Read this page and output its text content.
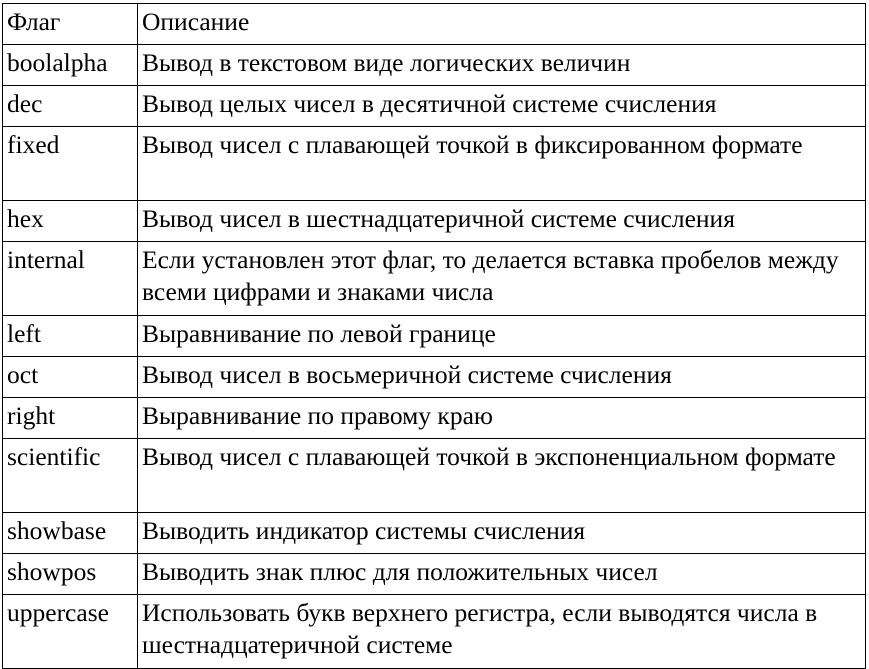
Флаг	Описание
boolalpha	Вывод в текстовом виде логических величин
dec	Вывод целых чисел в десятичной системе счисления
fixed	Вывод чисел с плавающей точкой в фиксированном формате
hex	Вывод чисел в шестнадцатеричной системе счисления
internal	Если установлен этот флаг, то делается вставка пробелов между всеми цифрами и знаками числа
left	Выравнивание по левой границе
oct	Вывод чисел в восьмеричной системе счисления
right	Выравнивание по правому краю
scientific	Вывод чисел с плавающей точкой в экспоненциальном формате
showbase	Выводить индикатор системы счисления
showpos	Выводить знак плюс для положительных чисел
uppercase	Использовать букв верхнего регистра, если выводятся числа в шестнадцатеричной системе
